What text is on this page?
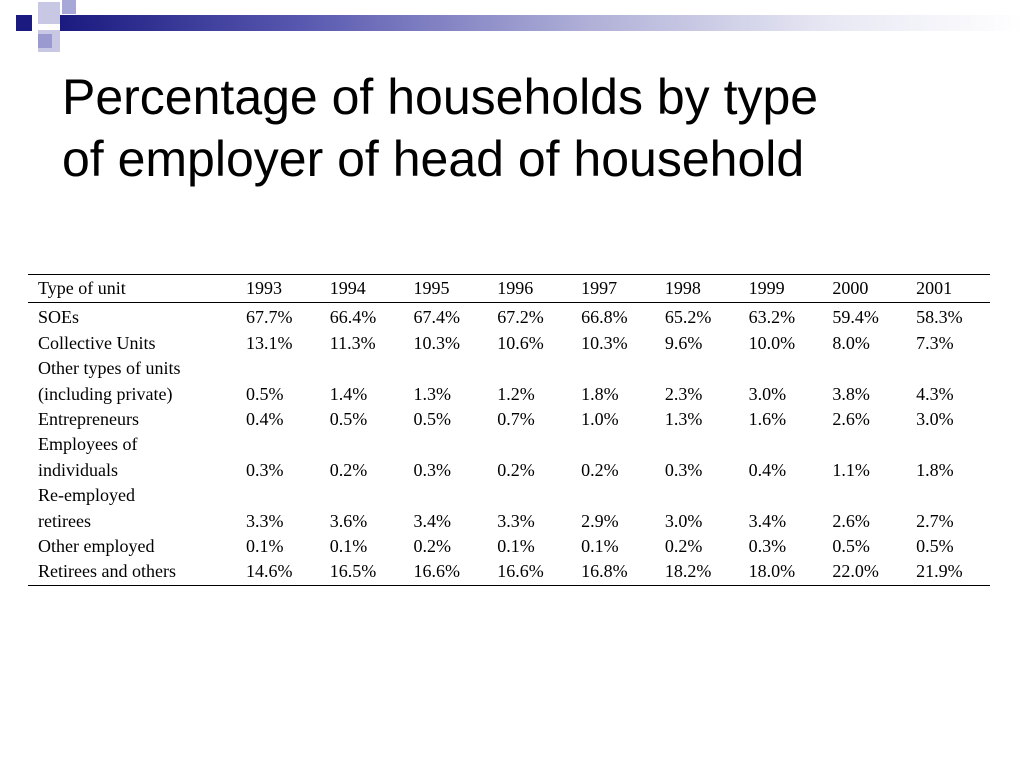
Percentage of households by type
of employer of head of household
Type of unit	1993	1994	1995	1996	1997	1998	1999	2000	2001

SOEs	67.7%	66.4%	67.4%	67.2%	66.8%	65.2%	63.2%	59.4%	58.3%

Collective Units	13.1%	11.3%	10.3%	10.6%	10.3%	9.6%	10.0%	8.0%	7.3%

Other types of units
(including private)	0.5%	1.4%	1.3%	1.2%	1.8%	2.3%	3.0%	3.8%	4.3%

Entrepreneurs	0.4%	0.5%	0.5%	0.7%	1.0%	1.3%	1.6%	2.6%	3.0%

Employees of
individuals	0.3%	0.2%	0.3%	0.2%	0.2%	0.3%	0.4%	1.1%	1.8%

Re-employed
retirees	3.3%	3.6%	3.4%	3.3%	2.9%	3.0%	3.4%	2.6%	2.7%

Other employed	0.1%	0.1%	0.2%	0.1%	0.1%	0.2%	0.3%	0.5%	0.5%

Retirees and others	14.6%	16.5%	16.6%	16.6%	16.8%	18.2%	18.0%	22.0%	21.9%
